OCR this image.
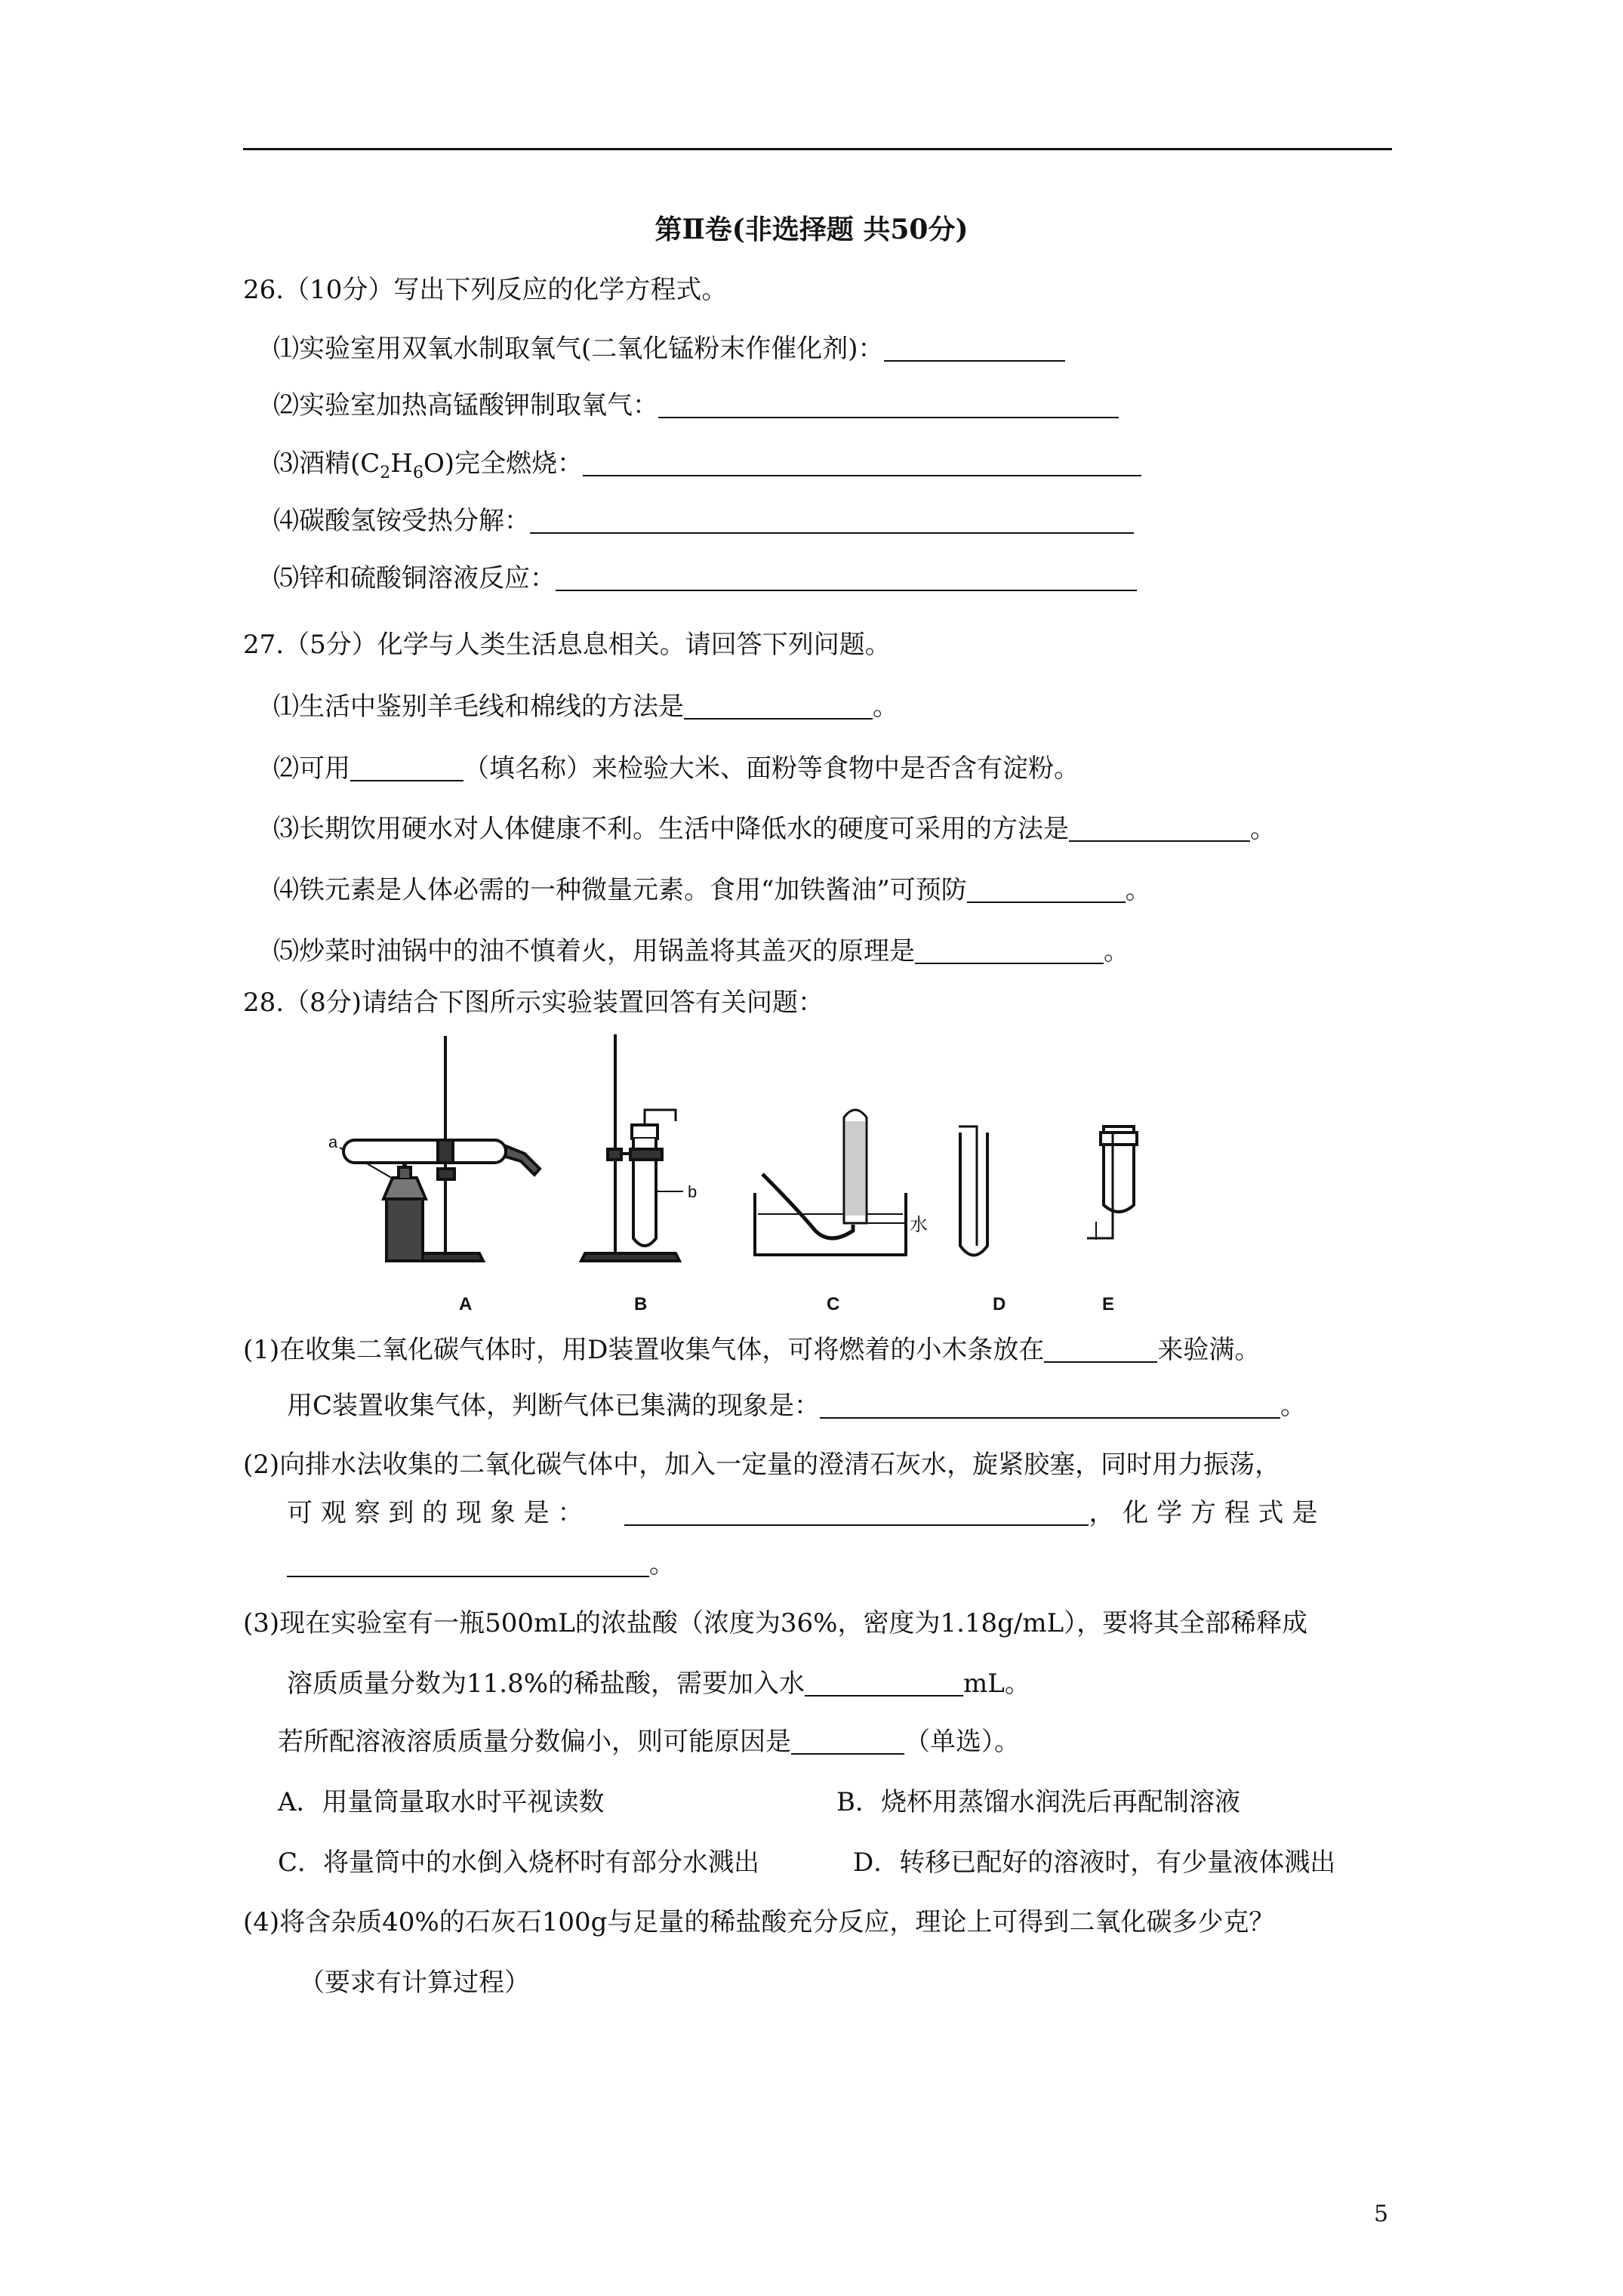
第Ⅱ卷(非选择题 共50分)
26.（10分）写出下列反应的化学方程式。
⑴实验室用双氧水制取氧气(二氧化锰粉末作催化剂)：
⑵实验室加热高锰酸钾制取氧气：
⑶酒精$(C_2H_6O)$完全燃烧：
⑷碳酸氢铵受热分解：
⑸锌和硫酸铜溶液反应：
27.（5分）化学与人类生活息息相关。请回答下列问题。
⑴生活中鉴别羊毛线和棉线的方法是	。
⑵可用	（填名称）来检验大米、面粉等食物中是否含有淀粉。
⑶长期饮用硬水对人体健康不利。生活中降低水的硬度可采用的方法是	。
⑷铁元素是人体必需的一种微量元素。食用“加铁酱油”可预防	。
⑸炒菜时油锅中的油不慎着火，用锅盖将其盖灭的原理是	。
28.（8分)请结合下图所示实验装置回答有关问题：
a
b
水
A	B	C	D	E
(1)在收集二氧化碳气体时，用D装置收集气体，可将燃着的小木条放在	来验满。
用C装置收集气体，判断气体已集满的现象是：	。
(2)向排水法收集的二氧化碳气体中，加入一定量的澄清石灰水，旋紧胶塞，同时用力振荡，
可 观 察 到 的 现 象 是 ：	， 化 学 方 程 式 是
。
(3)现在实验室有一瓶500mL的浓盐酸（浓度为36%，密度为1.18g/mL），要将其全部稀释成
溶质质量分数为11.8%的稀盐酸，需要加入水	mL。
若所配溶液溶质质量分数偏小，则可能原因是	（单选）。
A．用量筒量取水时平视读数	B．烧杯用蒸馏水润洗后再配制溶液
C．将量筒中的水倒入烧杯时有部分水溅出	D．转移已配好的溶液时，有少量液体溅出
(4)将含杂质40%的石灰石100g与足量的稀盐酸充分反应，理论上可得到二氧化碳多少克？
（要求有计算过程）
5
